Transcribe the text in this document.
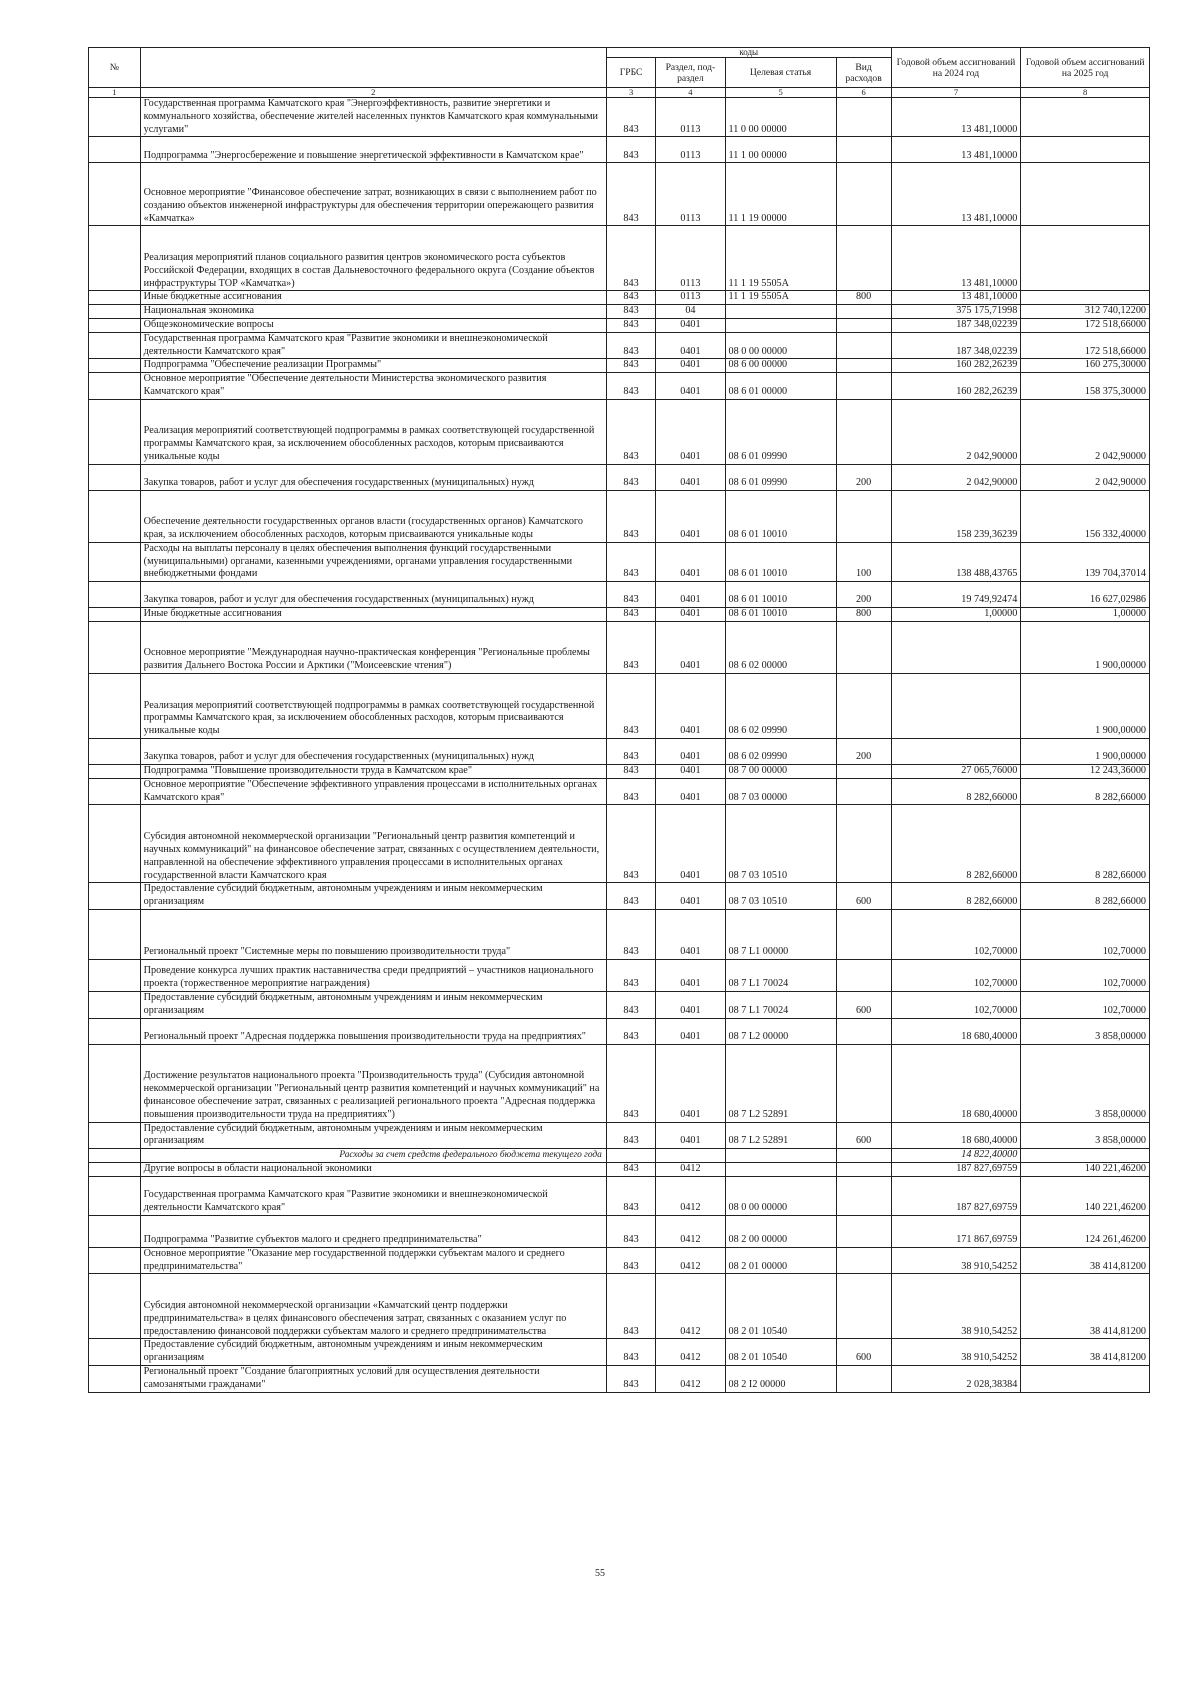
№		коды				Годовой объем ассигнований на 2024 год	Годовой объем ассигнований на 2025 год
		ГРБС	Раздел, под-раздел	Целевая статья	Вид расходов		
1	2	3	4	5	6	7	8
	Государственная программа Камчатского края "Энергоэффективность, развитие энергетики и коммунального хозяйства, обеспечение жителей населенных пунктов Камчатского края коммунальными услугами"	843	0113	11 0 00 00000		13 481,10000	
	Подпрограмма "Энергосбережение и повышение энергетической эффективности в Камчатском крае"	843	0113	11 1 00 00000		13 481,10000	
	Основное мероприятие "Финансовое обеспечение затрат, возникающих в связи с выполнением работ по созданию объектов инженерной инфраструктуры для обеспечения территории опережающего развития «Камчатка»	843	0113	11 1 19 00000		13 481,10000	
	Реализация мероприятий планов социального развития центров экономического роста субъектов Российской Федерации, входящих в состав Дальневосточного федерального округа (Создание объектов инфраструктуры ТОР «Камчатка»)	843	0113	11 1 19 5505А		13 481,10000	
	Иные бюджетные ассигнования	843	0113	11 1 19 5505А	800	13 481,10000	
	Национальная экономика	843	04			375 175,71998	312 740,12200
	Общеэкономические вопросы	843	0401			187 348,02239	172 518,66000
	Государственная программа Камчатского края "Развитие экономики и внешнеэкономической деятельности Камчатского края"	843	0401	08 0 00 00000		187 348,02239	172 518,66000
	Подпрограмма "Обеспечение реализации Программы"	843	0401	08 6 00 00000		160 282,26239	160 275,30000
	Основное мероприятие "Обеспечение деятельности Министерства экономического развития Камчатского края"	843	0401	08 6 01 00000		160 282,26239	158 375,30000
	Реализация мероприятий соответствующей подпрограммы в рамках соответствующей государственной программы Камчатского края, за исключением обособленных расходов, которым присваиваются уникальные коды	843	0401	08 6 01 09990		2 042,90000	2 042,90000
	Закупка товаров, работ и услуг для обеспечения государственных (муниципальных) нужд	843	0401	08 6 01 09990	200	2 042,90000	2 042,90000
	Обеспечение деятельности государственных органов власти (государственных органов) Камчатского края, за исключением обособленных расходов, которым присваиваются уникальные коды	843	0401	08 6 01 10010		158 239,36239	156 332,40000
	Расходы на выплаты персоналу в целях обеспечения выполнения функций государственными (муниципальными) органами, казенными учреждениями, органами управления государственными внебюджетными фондами	843	0401	08 6 01 10010	100	138 488,43765	139 704,37014
	Закупка товаров, работ и услуг для обеспечения государственных (муниципальных) нужд	843	0401	08 6 01 10010	200	19 749,92474	16 627,02986
	Иные бюджетные ассигнования	843	0401	08 6 01 10010	800	1,00000	1,00000
	Основное мероприятие "Международная научно-практическая конференция "Региональные проблемы развития Дальнего Востока России и Арктики ("Моисеевские чтения")	843	0401	08 6 02 00000			1 900,00000
	Реализация мероприятий соответствующей подпрограммы в рамках соответствующей государственной программы Камчатского края, за исключением обособленных расходов, которым присваиваются уникальные коды	843	0401	08 6 02 09990			1 900,00000
	Закупка товаров, работ и услуг для обеспечения государственных (муниципальных) нужд	843	0401	08 6 02 09990	200		1 900,00000
	Подпрограмма "Повышение производительности труда в Камчатском крае"	843	0401	08 7 00 00000		27 065,76000	12 243,36000
	Основное мероприятие "Обеспечение эффективного управления процессами в исполнительных органах Камчатского края"	843	0401	08 7 03 00000		8 282,66000	8 282,66000
	Субсидия автономной некоммерческой организации "Региональный центр развития компетенций и научных коммуникаций" на финансовое обеспечение затрат, связанных с осуществлением деятельности, направленной на обеспечение эффективного управления процессами в исполнительных органах государственной власти Камчатского края	843	0401	08 7 03 10510		8 282,66000	8 282,66000
	Предоставление субсидий бюджетным, автономным учреждениям и иным некоммерческим организациям	843	0401	08 7 03 10510	600	8 282,66000	8 282,66000
	Региональный проект "Системные меры по повышению производительности труда"	843	0401	08 7 L1 00000		102,70000	102,70000
	Проведение конкурса лучших практик наставничества среди предприятий – участников национального проекта (торжественное мероприятие награждения)	843	0401	08 7 L1 70024		102,70000	102,70000
	Предоставление субсидий бюджетным, автономным учреждениям и иным некоммерческим организациям	843	0401	08 7 L1 70024	600	102,70000	102,70000
	Региональный проект "Адресная поддержка повышения производительности труда на предприятиях"	843	0401	08 7 L2 00000		18 680,40000	3 858,00000
	Достижение результатов национального проекта "Производительность труда" (Субсидия автономной некоммерческой организации "Региональный центр развития компетенций и научных коммуникаций" на финансовое обеспечение затрат, связанных с реализацией регионального проекта "Адресная поддержка повышения производительности труда на предприятиях")	843	0401	08 7 L2 52891		18 680,40000	3 858,00000
	Предоставление субсидий бюджетным, автономным учреждениям и иным некоммерческим организациям	843	0401	08 7 L2 52891	600	18 680,40000	3 858,00000
	Расходы за счет средств федерального бюджета текущего года					14 822,40000	
	Другие вопросы в области национальной экономики	843	0412			187 827,69759	140 221,46200
	Государственная программа Камчатского края "Развитие экономики и внешнеэкономической деятельности Камчатского края"	843	0412	08 0 00 00000		187 827,69759	140 221,46200
	Подпрограмма "Развитие субъектов малого и среднего предпринимательства"	843	0412	08 2 00 00000		171 867,69759	124 261,46200
	Основное мероприятие "Оказание мер государственной поддержки субъектам малого и среднего предпринимательства"	843	0412	08 2 01 00000		38 910,54252	38 414,81200
	Субсидия автономной некоммерческой организации «Камчатский центр поддержки предпринимательства» в целях финансового обеспечения затрат, связанных с оказанием услуг по предоставлению финансовой поддержки субъектам малого и среднего предпринимательства	843	0412	08 2 01 10540		38 910,54252	38 414,81200
	Предоставление субсидий бюджетным, автономным учреждениям и иным некоммерческим организациям	843	0412	08 2 01 10540	600	38 910,54252	38 414,81200
	Региональный проект "Создание благоприятных условий для осуществления деятельности самозанятыми гражданами"	843	0412	08 2 I2 00000		2 028,38384	
55
